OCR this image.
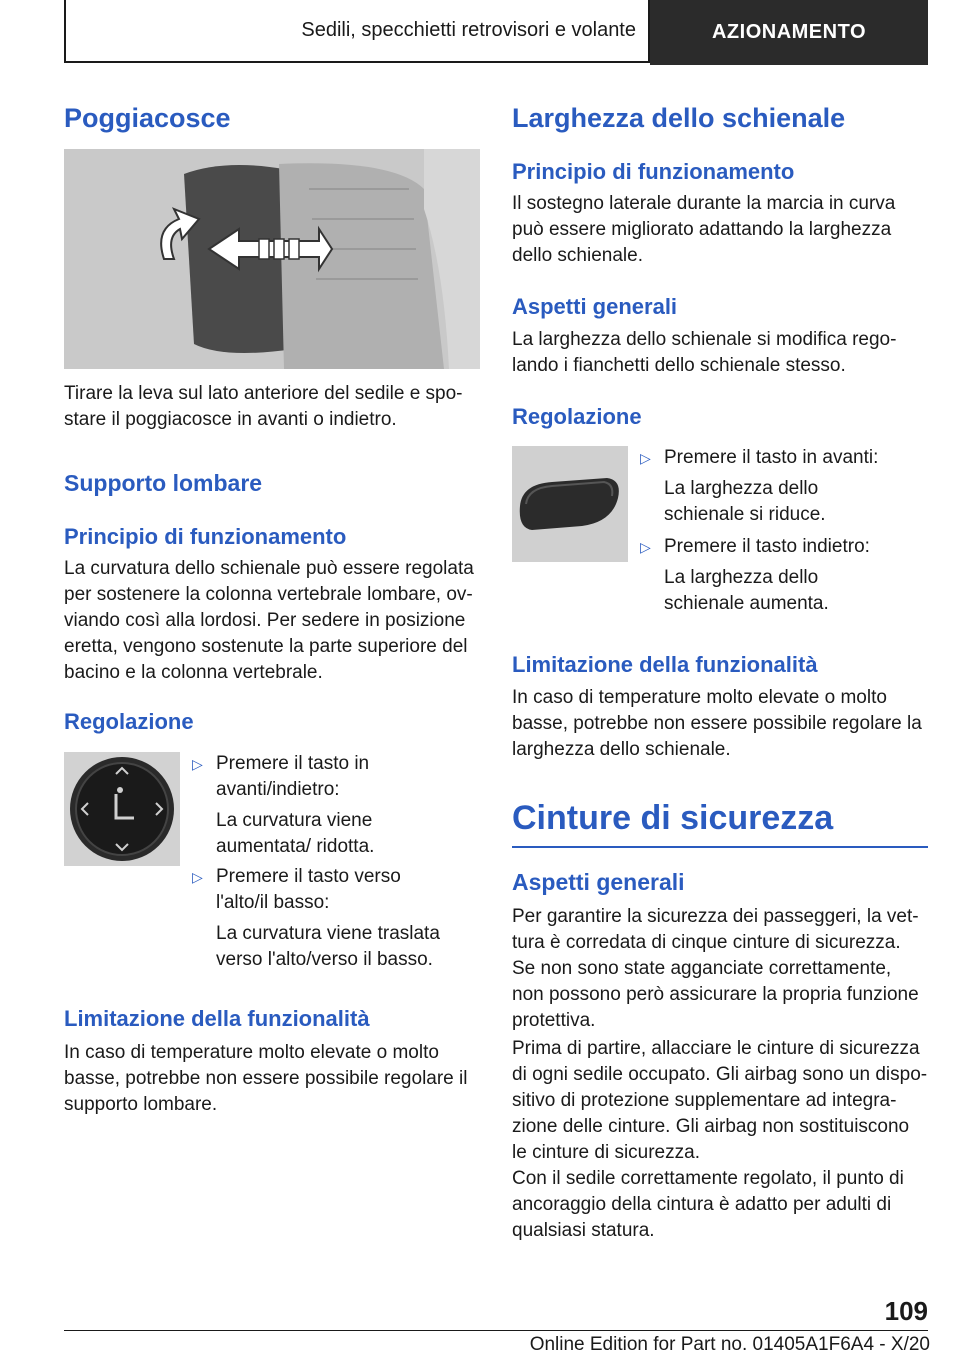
Sedili, specchietti retrovisori e volante	AZIONAMENTO
Poggiacosce

Tirare la leva sul lato anteriore del sedile e spostare il poggiacosce in avanti o indietro.

Supporto lombare
Principio di funzionamento

La curvatura dello schienale può essere regolata per sostenere la colonna vertebrale lombare, ovviando così alla lordosi. Per sedere in posizione eretta, vengono sostenute la parte superiore del bacino e la colonna vertebrale.

Regolazione
▷ Premere il tasto in avanti/indietro:
La curvatura viene aumentata/ ridotta.
▷ Premere il tasto verso l'alto/il basso:
La curvatura viene traslata verso l'alto/verso il basso.
Limitazione della funzionalità

In caso di temperature molto elevate o molto basse, potrebbe non essere possibile regolare il supporto lombare.

Larghezza dello schienale
Principio di funzionamento

Il sostegno laterale durante la marcia in curva può essere migliorato adattando la larghezza dello schienale.

Aspetti generali

La larghezza dello schienale si modifica regolando i fianchetti dello schienale stesso.

Regolazione
▷ Premere il tasto in avanti:
La larghezza dello schienale si riduce.
▷ Premere il tasto indietro:
La larghezza dello schienale aumenta.
Limitazione della funzionalità

In caso di temperature molto elevate o molto basse, potrebbe non essere possibile regolare la larghezza dello schienale.

Cinture di sicurezza
Aspetti generali

Per garantire la sicurezza dei passeggeri, la vettura è corredata di cinque cinture di sicurezza. Se non sono state agganciate correttamente, non possono però assicurare la propria funzione protettiva.

Prima di partire, allacciare le cinture di sicurezza di ogni sedile occupato. Gli airbag sono un dispositivo di protezione supplementare ad integrazione delle cinture. Gli airbag non sostituiscono le cinture di sicurezza.

Con il sedile correttamente regolato, il punto di ancoraggio della cintura è adatto per adulti di qualsiasi statura.

109
Online Edition for Part no. 01405A1F6A4 - X/20
